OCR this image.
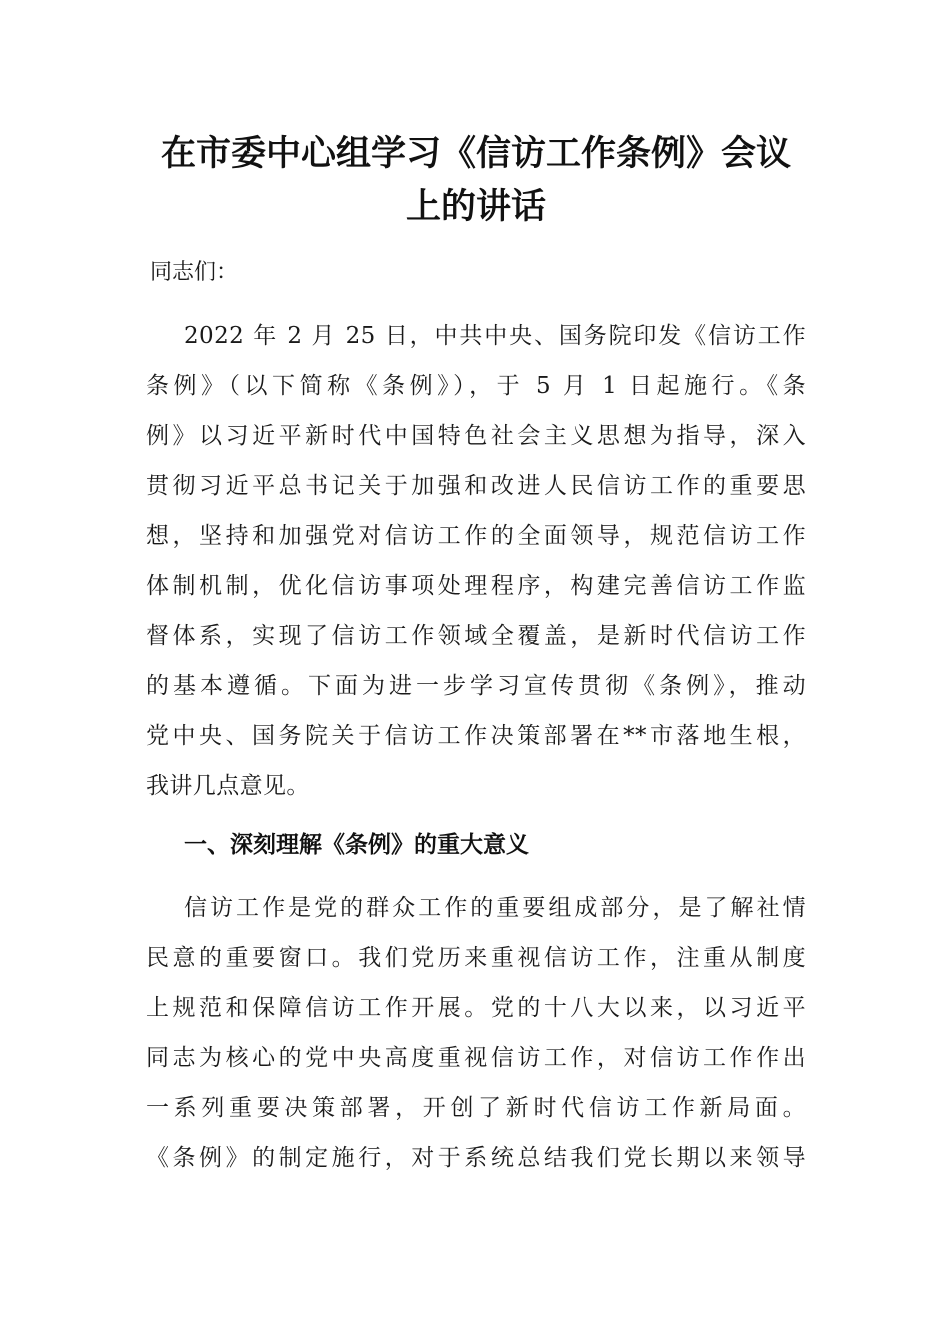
在市委中心组学习《信访工作条例》会议
上的讲话
同志们：
2022 年 2 月 25 日，中共中央、国务院印发《信访工作
条例》（以下简称《条例》），于 5 月 1 日起施行。《条
例》以习近平新时代中国特色社会主义思想为指导，深入
贯彻习近平总书记关于加强和改进人民信访工作的重要思
想，坚持和加强党对信访工作的全面领导，规范信访工作
体制机制，优化信访事项处理程序，构建完善信访工作监
督体系，实现了信访工作领域全覆盖，是新时代信访工作
的基本遵循。下面为进一步学习宣传贯彻《条例》，推动
党中央、国务院关于信访工作决策部署在**市落地生根，
我讲几点意见。
一、深刻理解《条例》的重大意义
信访工作是党的群众工作的重要组成部分，是了解社情
民意的重要窗口。我们党历来重视信访工作，注重从制度
上规范和保障信访工作开展。党的十八大以来，以习近平
同志为核心的党中央高度重视信访工作，对信访工作作出
一系列重要决策部署，开创了新时代信访工作新局面。
《条例》的制定施行，对于系统总结我们党长期以来领导
